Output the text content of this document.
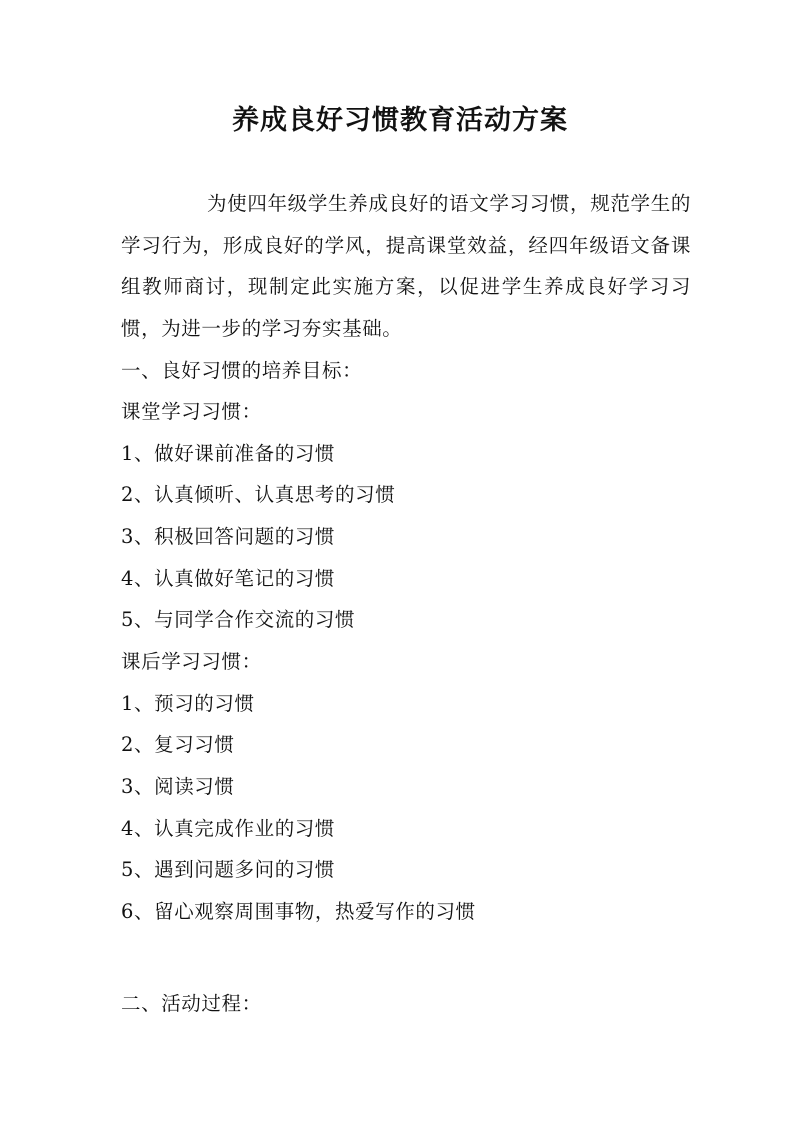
养成良好习惯教育活动方案

为使四年级学生养成良好的语文学习习惯，规范学生的学习行为，形成良好的学风，提高课堂效益，经四年级语文备课组教师商讨，现制定此实施方案，以促进学生养成良好学习习惯，为进一步的学习夯实基础。

一、良好习惯的培养目标：

课堂学习习惯：

1、做好课前准备的习惯

2、认真倾听、认真思考的习惯

3、积极回答问题的习惯

4、认真做好笔记的习惯

5、与同学合作交流的习惯

课后学习习惯：

1、预习的习惯

2、复习习惯

3、阅读习惯

4、认真完成作业的习惯

5、遇到问题多问的习惯

6、留心观察周围事物，热爱写作的习惯

二、活动过程：
